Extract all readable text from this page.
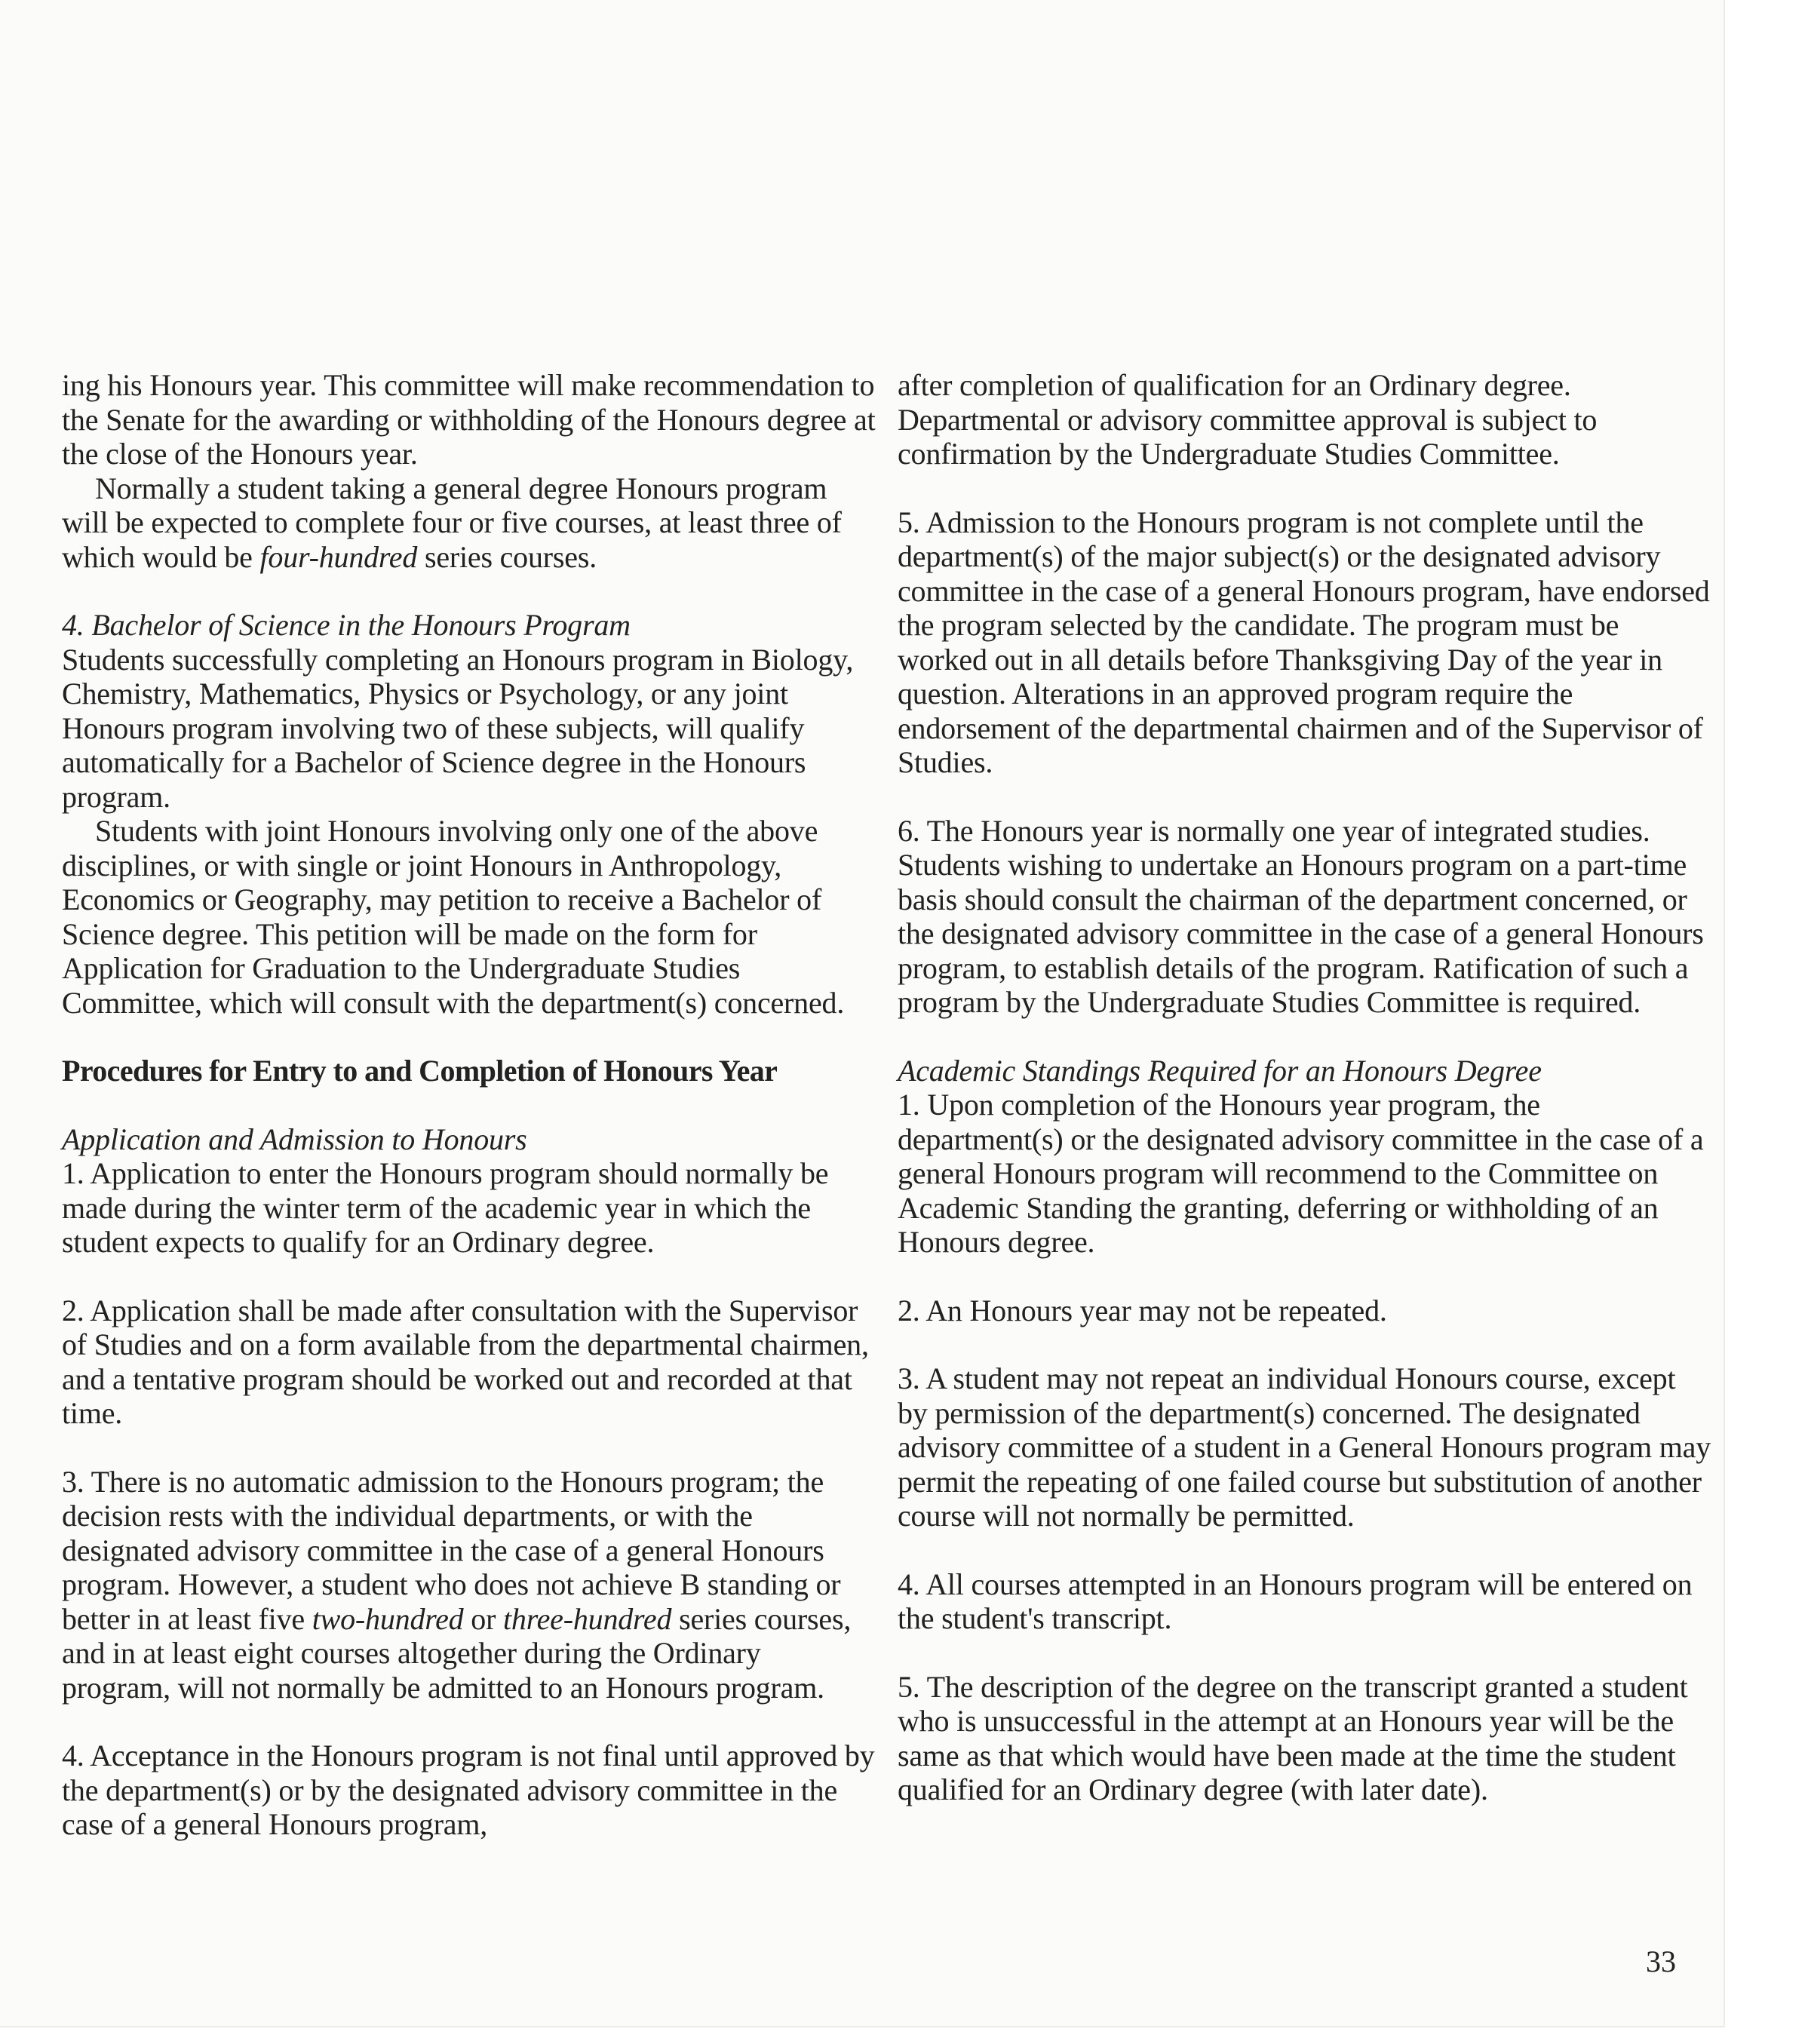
ing his Honours year. This committee will make recommendation to the Senate for the awarding or withholding of the Honours degree at the close of the Honours year.

Normally a student taking a general degree Honours program will be expected to complete four or five courses, at least three of which would be four-hundred series courses.

4. Bachelor of Science in the Honours Program

Students successfully completing an Honours program in Biology, Chemistry, Mathematics, Physics or Psychology, or any joint Honours program involving two of these subjects, will qualify automatically for a Bachelor of Science degree in the Honours program.

Students with joint Honours involving only one of the above disciplines, or with single or joint Honours in Anthropology, Economics or Geography, may petition to receive a Bachelor of Science degree. This petition will be made on the form for Application for Graduation to the Undergraduate Studies Committee, which will consult with the department(s) concerned.

Procedures for Entry to and Completion of Honours Year

Application and Admission to Honours

1. Application to enter the Honours program should normally be made during the winter term of the academic year in which the student expects to qualify for an Ordinary degree.

2. Application shall be made after consultation with the Supervisor of Studies and on a form available from the departmental chairmen, and a tentative program should be worked out and recorded at that time.

3. There is no automatic admission to the Honours program; the decision rests with the individual departments, or with the designated advisory committee in the case of a general Honours program. However, a student who does not achieve B standing or better in at least five two-hundred or three-hundred series courses, and in at least eight courses altogether during the Ordinary program, will not normally be admitted to an Honours program.

4. Acceptance in the Honours program is not final until approved by the department(s) or by the designated advisory committee in the case of a general Honours program,

after completion of qualification for an Ordinary degree. Departmental or advisory committee approval is subject to confirmation by the Undergraduate Studies Committee.

5. Admission to the Honours program is not complete until the department(s) of the major subject(s) or the designated advisory committee in the case of a general Honours program, have endorsed the program selected by the candidate. The program must be worked out in all details before Thanksgiving Day of the year in question. Alterations in an approved program require the endorsement of the departmental chairmen and of the Supervisor of Studies.

6. The Honours year is normally one year of integrated studies. Students wishing to undertake an Honours program on a part-time basis should consult the chairman of the department concerned, or the designated advisory committee in the case of a general Honours program, to establish details of the program. Ratification of such a program by the Undergraduate Studies Committee is required.

Academic Standings Required for an Honours Degree

1. Upon completion of the Honours year program, the department(s) or the designated advisory committee in the case of a general Honours program will recommend to the Committee on Academic Standing the granting, deferring or withholding of an Honours degree.

2. An Honours year may not be repeated.

3. A student may not repeat an individual Honours course, except by permission of the department(s) concerned. The designated advisory committee of a student in a General Honours program may permit the repeating of one failed course but substitution of another course will not normally be permitted.

4. All courses attempted in an Honours program will be entered on the student's transcript.

5. The description of the degree on the transcript granted a student who is unsuccessful in the attempt at an Honours year will be the same as that which would have been made at the time the student qualified for an Ordinary degree (with later date).

33
